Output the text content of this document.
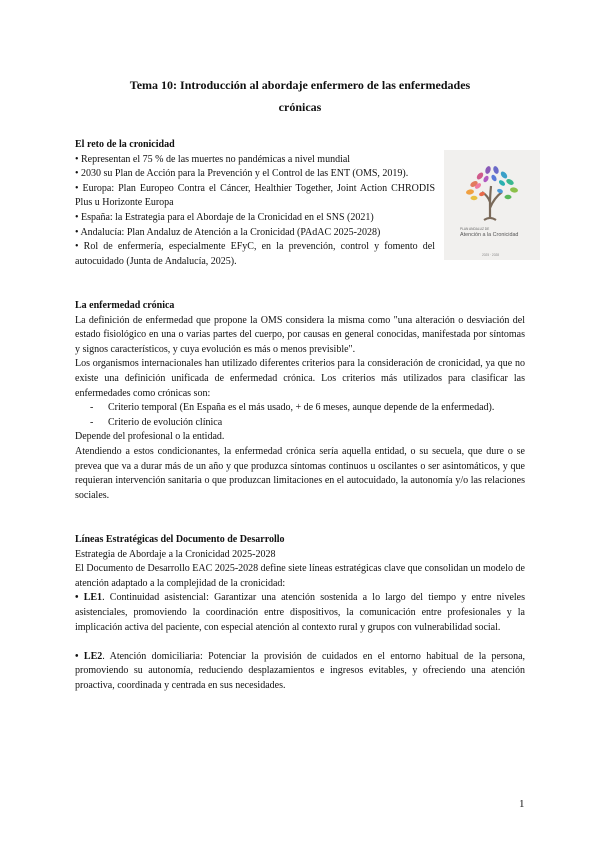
Tema 10: Introducción al abordaje enfermero de las enfermedades
crónicas
El reto de la cronicidad
• Representan el 75 % de las muertes no pandémicas a nivel mundial
• 2030 su Plan de Acción para la Prevención y el Control de las ENT (OMS, 2019).
• Europa: Plan Europeo Contra el Cáncer, Healthier Together, Joint Action CHRODIS Plus u Horizonte Europa
• España: la Estrategia para el Abordaje de la Cronicidad en el SNS (2021)
• Andalucía: Plan Andaluz de Atención a la Cronicidad (PAdAC 2025-2028)
• Rol de enfermería, especialmente EFyC, en la prevención, control y fomento del autocuidado (Junta de Andalucía, 2025).
PLAN ANDALUZ DE
Atención a la Cronicidad
2025 · 2028
La enfermedad crónica
La definición de enfermedad que propone la OMS considera la misma como "una alteración o desviación del estado fisiológico en una o varias partes del cuerpo, por causas en general conocidas, manifestada por síntomas y signos característicos, y cuya evolución es más o menos previsible".
Los organismos internacionales han utilizado diferentes criterios para la consideración de cronicidad, ya que no existe una definición unificada de enfermedad crónica. Los criterios más utilizados para clasificar las enfermedades como crónicas son:
- Criterio temporal (En España es el más usado, + de 6 meses, aunque depende de la enfermedad).
- Criterio de evolución clínica
Depende del profesional o la entidad.
Atendiendo a estos condicionantes, la enfermedad crónica sería aquella entidad, o su secuela, que dure o se prevea que va a durar más de un año y que produzca síntomas continuos u oscilantes o ser asintomáticos, y que requieran intervención sanitaria o que produzcan limitaciones en el autocuidado, la autonomía y/o las relaciones sociales.
Líneas Estratégicas del Documento de Desarrollo
Estrategia de Abordaje a la Cronicidad 2025-2028
El Documento de Desarrollo EAC 2025-2028 define siete líneas estratégicas clave que consolidan un modelo de atención adaptado a la complejidad de la cronicidad:
• LE1. Continuidad asistencial: Garantizar una atención sostenida a lo largo del tiempo y entre niveles asistenciales, promoviendo la coordinación entre dispositivos, la comunicación entre profesionales y la implicación activa del paciente, con especial atención al contexto rural y grupos con vulnerabilidad social.
• LE2. Atención domiciliaria: Potenciar la provisión de cuidados en el entorno habitual de la persona, promoviendo su autonomía, reduciendo desplazamientos e ingresos evitables, y ofreciendo una atención proactiva, coordinada y centrada en sus necesidades.
1
